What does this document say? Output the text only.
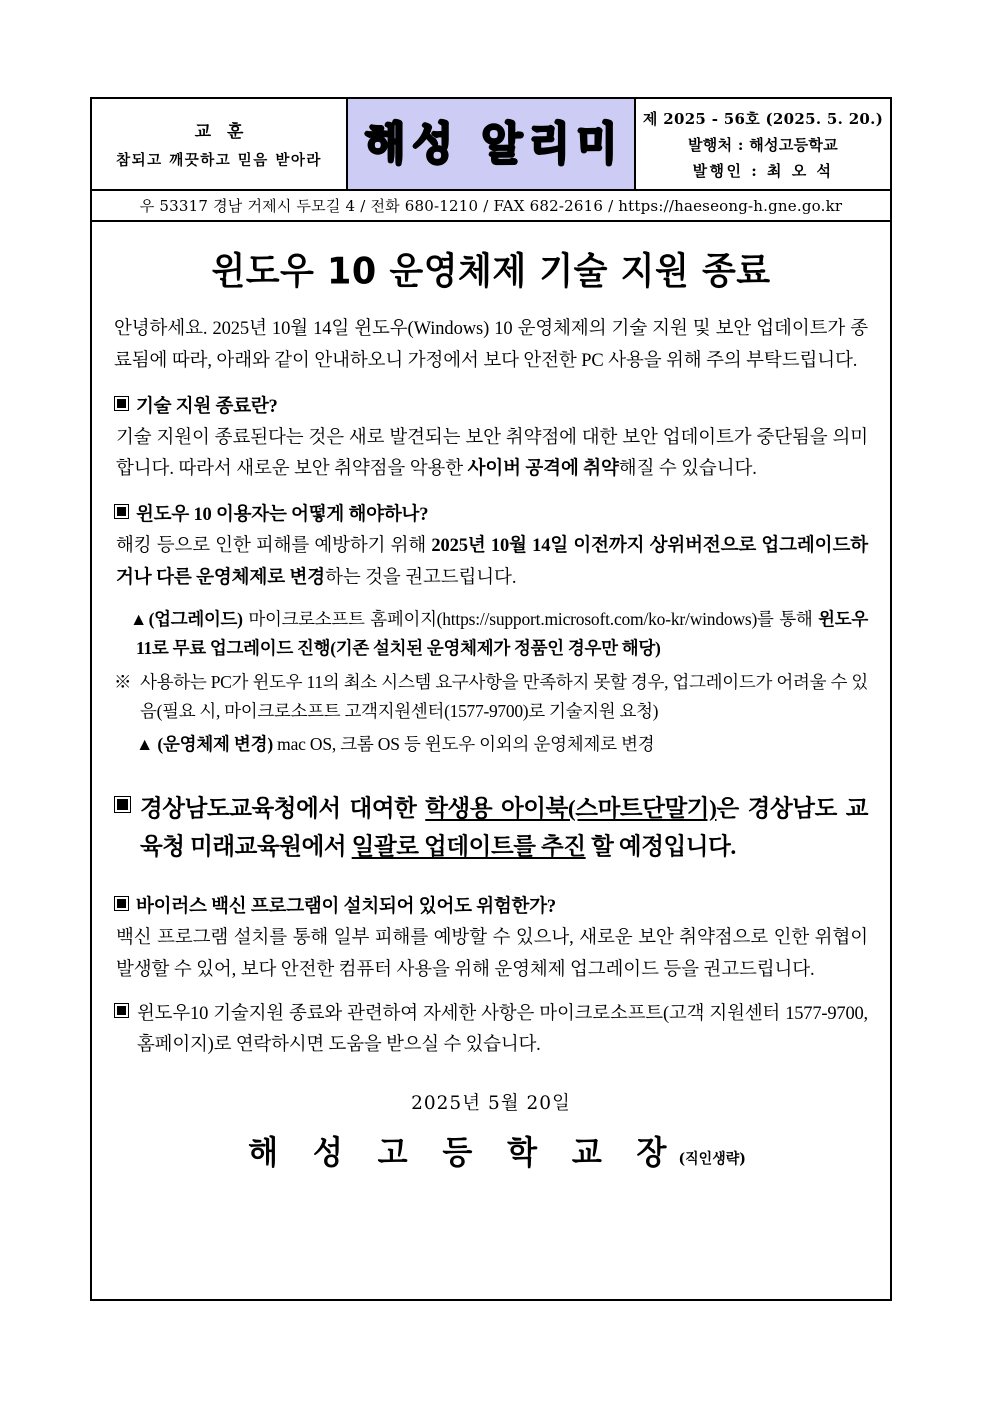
교 훈
참되고 깨끗하고 믿음 받아라 해성 알리미 제 2025 - 56호 (2025. 5. 20.)
발행처 : 해성고등학교
발행인 : 최 오 석
우 53317 경남 거제시 두모길 4 / 전화 680-1210 / FAX 682-2616 / https://haeseong-h.gne.go.kr
윈도우 10 운영체제 기술 지원 종료

안녕하세요. 2025년 10월 14일 윈도우(Windows) 10 운영체제의 기술 지원 및 보안 업데이트가 종료됨에 따라, 아래와 같이 안내하오니 가정에서 보다 안전한 PC 사용을 위해 주의 부탁드립니다.

기술 지원 종료란?

기술 지원이 종료된다는 것은 새로 발견되는 보안 취약점에 대한 보안 업데이트가 중단됨을 의미합니다. 따라서 새로운 보안 취약점을 악용한 사이버 공격에 취약해질 수 있습니다.

윈도우 10 이용자는 어떻게 해야하나?

해킹 등으로 인한 피해를 예방하기 위해 2025년 10월 14일 이전까지 상위버전으로 업그레이드하거나 다른 운영체제로 변경하는 것을 권고드립니다.

▲(업그레이드) 마이크로소프트 홈페이지(https://support.microsoft.com/ko-kr/windows)를 통해 윈도우 11로 무료 업그레이드 진행(기존 설치된 운영체제가 정품인 경우만 해당)

※ 사용하는 PC가 윈도우 11의 최소 시스템 요구사항을 만족하지 못할 경우, 업그레이드가 어려울 수 있음(필요 시, 마이크로소프트 고객지원센터(1577-9700)로 기술지원 요청)

▲ (운영체제 변경) mac OS, 크롬 OS 등 윈도우 이외의 운영체제로 변경

경상남도교육청에서 대여한 학생용 아이북(스마트단말기)은 경상남도 교육청 미래교육원에서 일괄로 업데이트를 추진 할 예정입니다.
바이러스 백신 프로그램이 설치되어 있어도 위험한가?

백신 프로그램 설치를 통해 일부 피해를 예방할 수 있으나, 새로운 보안 취약점으로 인한 위협이 발생할 수 있어, 보다 안전한 컴퓨터 사용을 위해 운영체제 업그레이드 등을 권고드립니다.

윈도우10 기술지원 종료와 관련하여 자세한 사항은 마이크로소프트(고객 지원센터 1577-9700, 홈페이지)로 연락하시면 도움을 받으실 수 있습니다.
2025년 5월 20일
해 성 고 등 학 교 장(직인생략)
